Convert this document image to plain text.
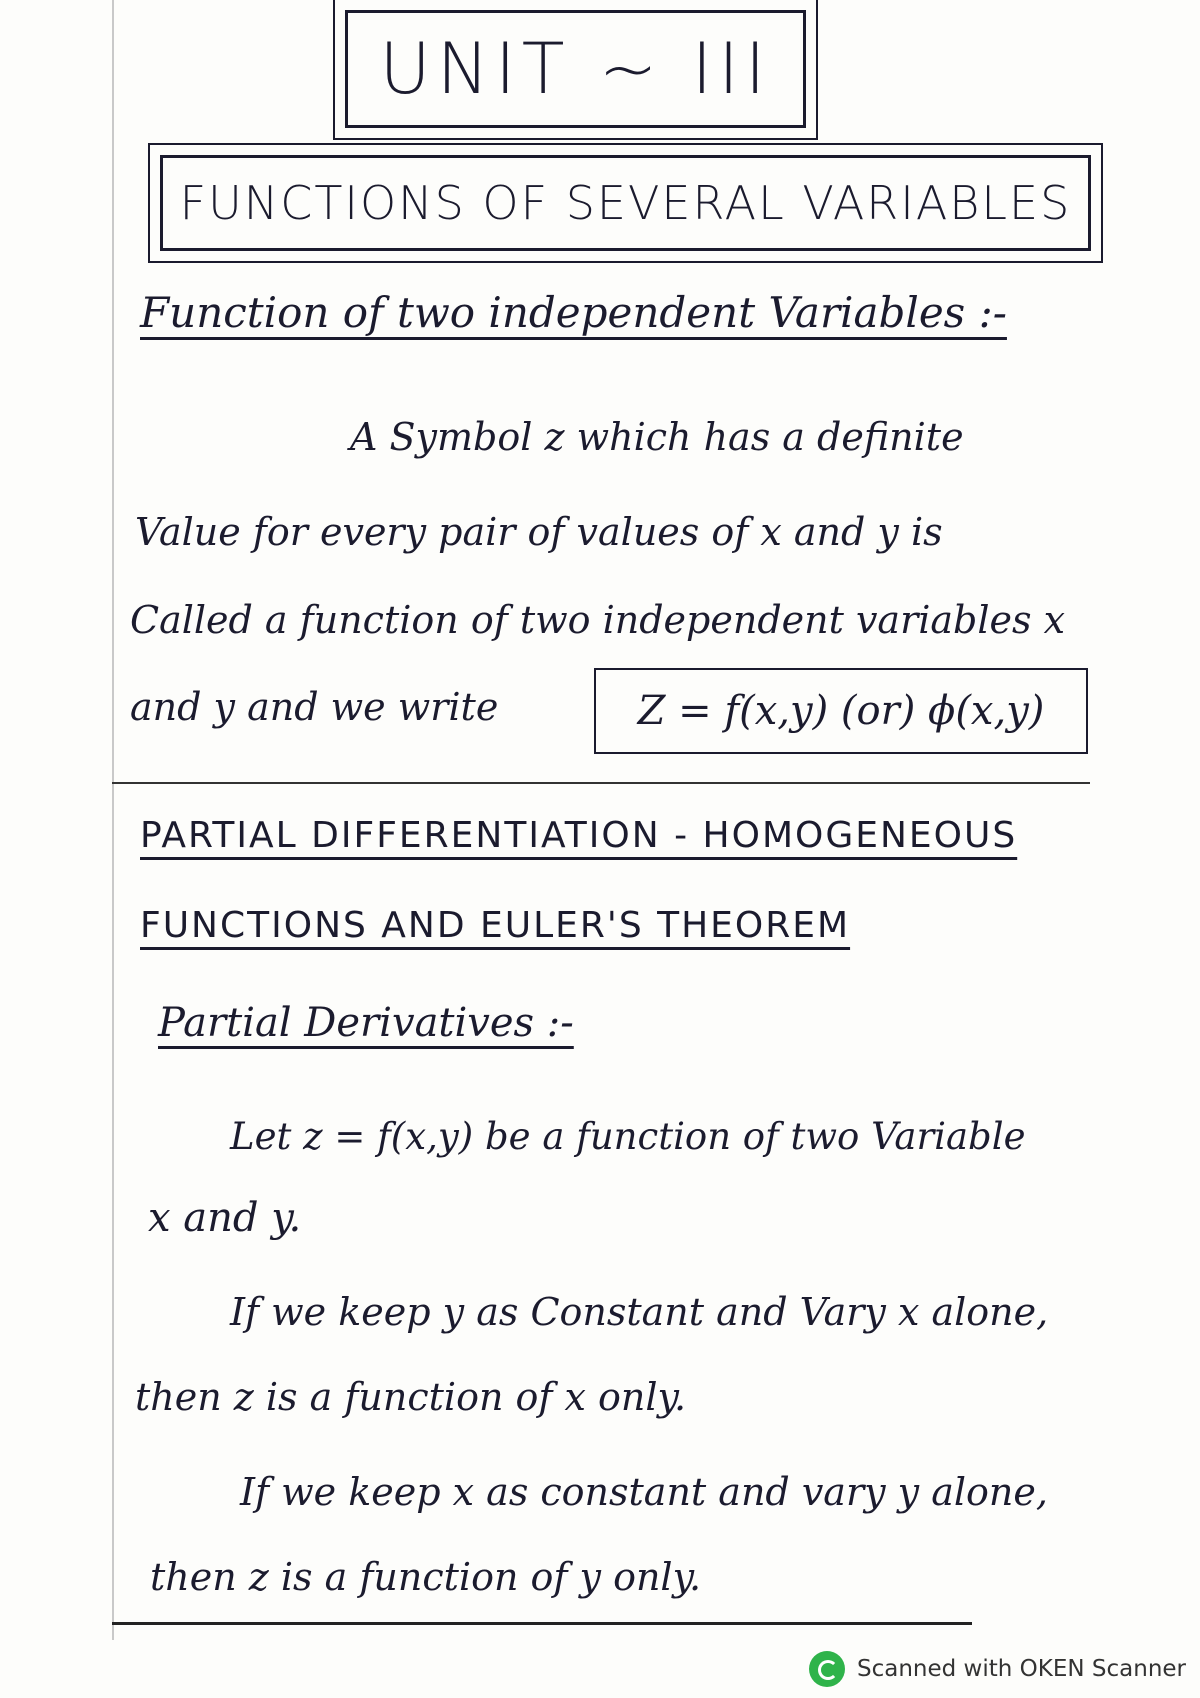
UNIT ~ III
FUNCTIONS OF SEVERAL VARIABLES
Function of two independent Variables :-
A Symbol z which has a definite
Value for every pair of values of x and y is
Called a function of two independent variables x
and y and we write	Z = f(x,y) (or) ϕ(x,y)
PARTIAL DIFFERENTIATION - HOMOGENEOUS
FUNCTIONS AND EULER'S THEOREM
Partial Derivatives :-
Let z = f(x,y) be a function of two Variable
x and y.
If we keep y as Constant and Vary x alone,
then z is a function of x only.
If we keep x as constant and vary y alone,
then z is a function of y only.
Scanned with OKEN Scanner
